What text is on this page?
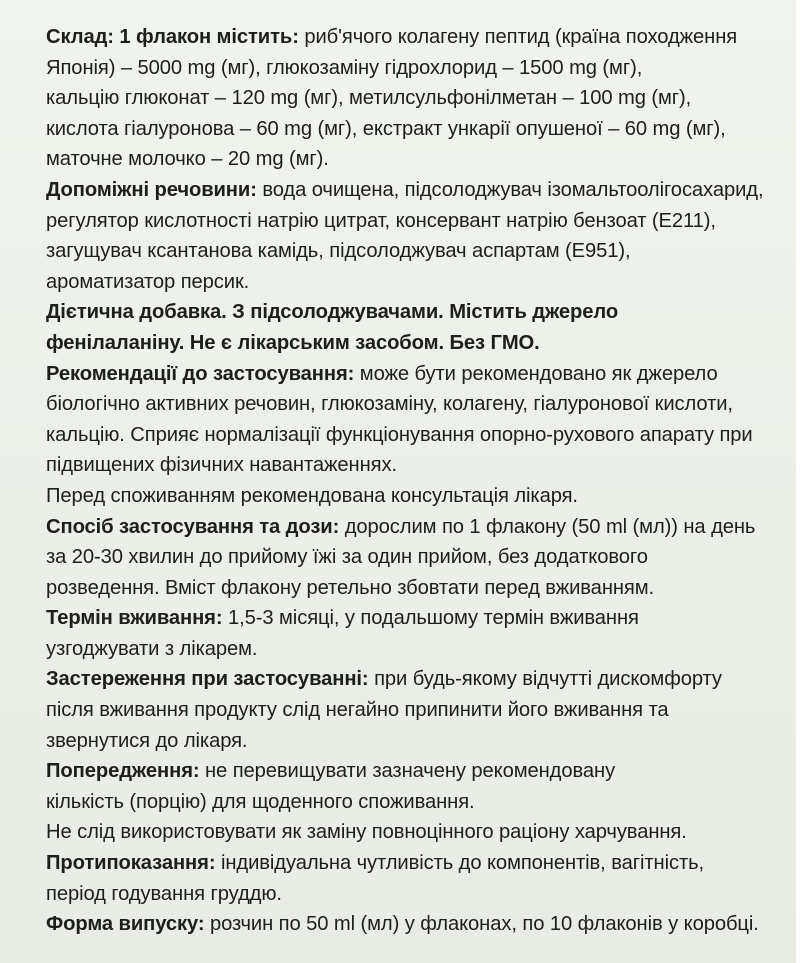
Склад: 1 флакон містить: риб'ячого колагену пептид (країна походження
Японія) – 5000 mg (мг), глюкозаміну гідрохлорид – 1500 mg (мг),
кальцію глюконат – 120 mg (мг), метилсульфонілметан – 100 mg (мг),
кислота гіалуронова – 60 mg (мг), екстракт ункарії опушеної – 60 mg (мг),
маточне молочко – 20 mg (мг).
Допоміжні речовини: вода очищена, підсолоджувач ізомальтоолігосахарид,
регулятор кислотності натрію цитрат, консервант натрію бензоат (E211),
загущувач ксантанова камідь, підсолоджувач аспартам (E951),
ароматизатор персик.
Дієтична добавка. З підсолоджувачами. Містить джерело
фенілаланіну. Не є лікарським засобом. Без ГМО.
Рекомендації до застосування: може бути рекомендовано як джерело
біологічно активних речовин, глюкозаміну, колагену, гіалуронової кислоти,
кальцію. Сприяє нормалізації функціонування опорно-рухового апарату при
підвищених фізичних навантаженнях.
Перед споживанням рекомендована консультація лікаря.
Спосіб застосування та дози: дорослим по 1 флакону (50 ml (мл)) на день
за 20-30 хвилин до прийому їжі за один прийом, без додаткового
розведення. Вміст флакону ретельно збовтати перед вживанням.
Термін вживання: 1,5-3 місяці, у подальшому термін вживання
узгоджувати з лікарем.
Застереження при застосуванні: при будь-якому відчутті дискомфорту
після вживання продукту слід негайно припинити його вживання та
звернутися до лікаря.
Попередження: не перевищувати зазначену рекомендовану
кількість (порцію) для щоденного споживання.
Не слід використовувати як заміну повноцінного раціону харчування.
Протипоказання: індивідуальна чутливість до компонентів, вагітність,
період годування груддю.
Форма випуску: розчин по 50 ml (мл) у флаконах, по 10 флаконів у коробці.
